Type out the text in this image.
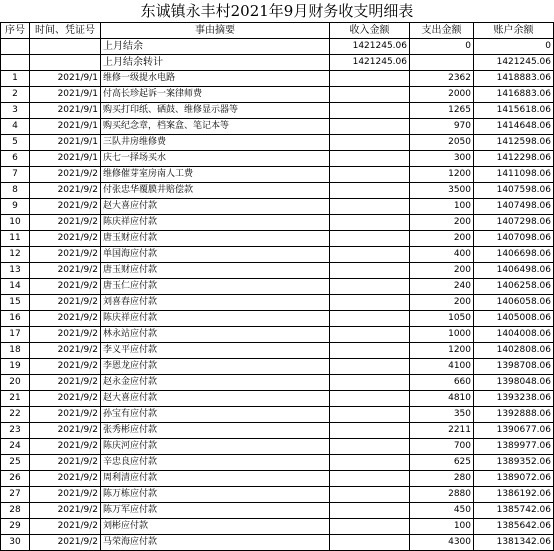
东诚镇永丰村2021年9月财务收支明细表
序号	时间、凭证号	事由摘要	收入金额	支出金额	账户余额
		上月结余	1421245.06	0	0
		上月结余转计	1421245.06		1421245.06
1	2021/9/1	维修一级提水电路		2362	1418883.06
2	2021/9/1	付高长珍起诉一案律师费		2000	1416883.06
3	2021/9/1	购买打印纸、硒鼓、维修显示器等		1265	1415618.06
4	2021/9/1	购买纪念章，档案盒、笔记本等		970	1414648.06
5	2021/9/1	三队井房维修费		2050	1412598.06
6	2021/9/1	庆七一择场买水		300	1412298.06
7	2021/9/2	维修催芽室房南人工费		1200	1411098.06
8	2021/9/2	付张忠华覆膜井赔偿款		3500	1407598.06
9	2021/9/2	赵大喜应付款		100	1407498.06
10	2021/9/2	陈庆祥应付款		200	1407298.06
11	2021/9/2	唐玉财应付款		200	1407098.06
12	2021/9/2	单国海应付款		400	1406698.06
13	2021/9/2	唐玉财应付款		200	1406498.06
14	2021/9/2	唐玉仁应付款		240	1406258.06
15	2021/9/2	刘喜春应付款		200	1406058.06
16	2021/9/2	陈庆祥应付款		1050	1405008.06
17	2021/9/2	林永站应付款		1000	1404008.06
18	2021/9/2	李义平应付款		1200	1402808.06
19	2021/9/2	李恩龙应付款		4100	1398708.06
20	2021/9/2	赵永金应付款		660	1398048.06
21	2021/9/2	赵大喜应付款		4810	1393238.06
22	2021/9/2	孙宝有应付款		350	1392888.06
23	2021/9/2	张秀彬应付款		2211	1390677.06
24	2021/9/2	陈庆河应付款		700	1389977.06
25	2021/9/2	辛忠良应付款		625	1389352.06
26	2021/9/2	周利清应付款		280	1389072.06
27	2021/9/2	陈万栋应付款		2880	1386192.06
28	2021/9/2	陈万军应付款		450	1385742.06
29	2021/9/2	刘彬应付款		100	1385642.06
30	2021/9/2	马荣海应付款		4300	1381342.06
